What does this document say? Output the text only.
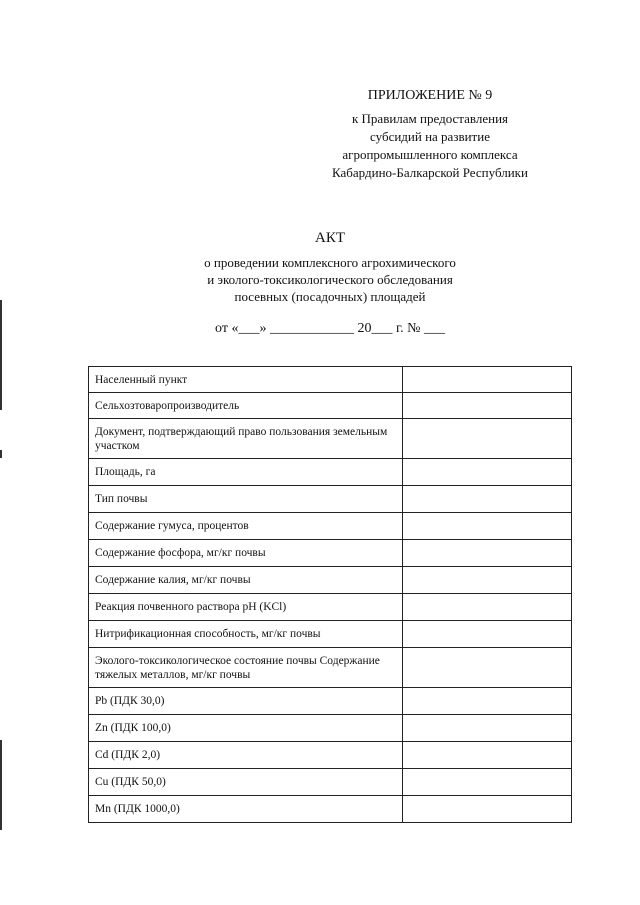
ПРИЛОЖЕНИЕ № 9
к Правилам предоставления
субсидий на развитие
агропромышленного комплекса
Кабардино-Балкарской Республики
АКТ
о проведении комплексного агрохимического
и эколого-токсикологического обследования
посевных (посадочных) площадей
от «___» ____________ 20___ г. № ___
Населенный пункт	
Сельхозтоваропроизводитель	
Документ, подтверждающий право пользования земельным участком	
Площадь, га	
Тип почвы	
Содержание гумуса, процентов	
Содержание фосфора, мг/кг почвы	
Содержание калия, мг/кг почвы	
Реакция почвенного раствора pH (KCl)	
Нитрификационная способность, мг/кг почвы	
Эколого-токсикологическое состояние почвы Содержание тяжелых металлов, мг/кг почвы	
Pb (ПДК 30,0)	
Zn (ПДК 100,0)	
Cd (ПДК 2,0)	
Cu (ПДК 50,0)	
Mn (ПДК 1000,0)	
